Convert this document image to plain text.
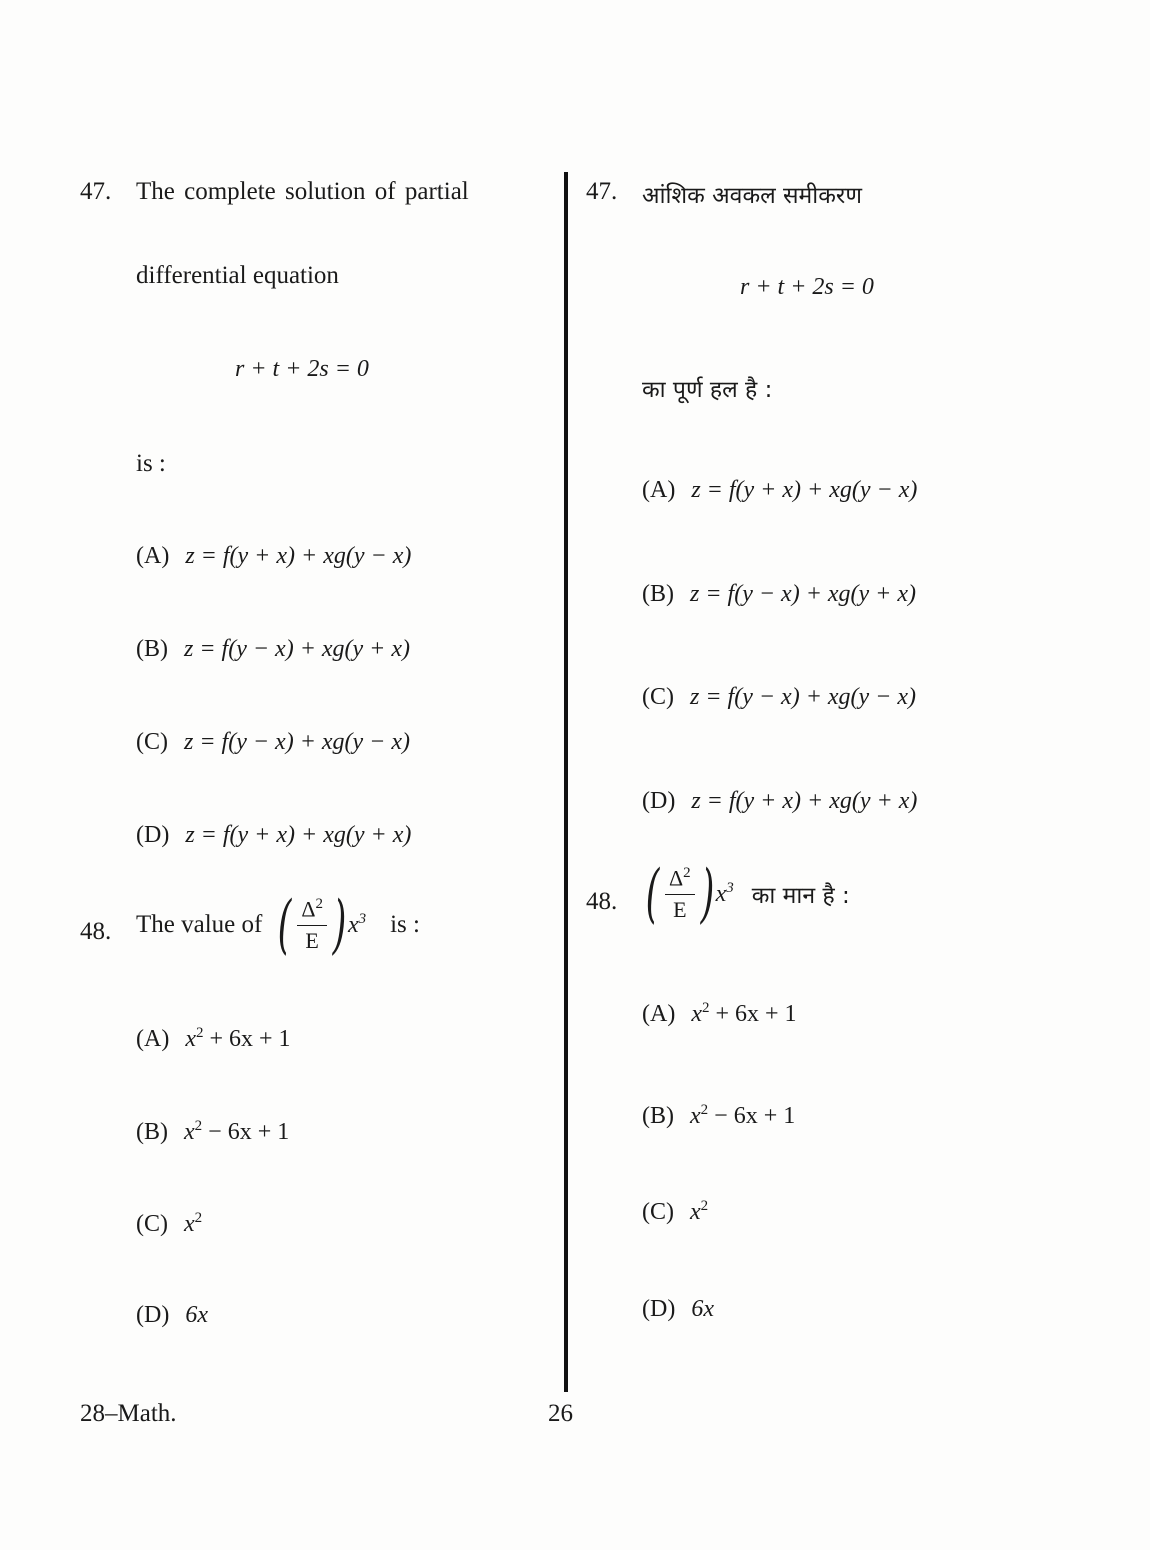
47. The complete solution of partial
differential equation
r + t + 2s = 0
is :
(A) z = f(y + x) + xg(y − x)
(B) z = f(y − x) + xg(y + x)
(C) z = f(y − x) + xg(y − x)
(D) z = f(y + x) + xg(y + x)
48. The value of ( $\frac{\Delta^2}{E}$ ) $x^3$ is :
(A) $x^2 + 6x + 1$
(B) $x^2 - 6x + 1$
(C) $x^2$
(D) 6x
47. आंशिक अवकल समीकरण
r + t + 2s = 0
का पूर्ण हल है :
(A) z = f(y + x) + xg(y − x)
(B) z = f(y − x) + xg(y + x)
(C) z = f(y − x) + xg(y − x)
(D) z = f(y + x) + xg(y + x)
48. ( $\frac{\Delta^2}{E}$ ) $x^3$ का मान है :
(A) $x^2 + 6x + 1$
(B) $x^2 - 6x + 1$
(C) $x^2$
(D) 6x
28–Math.	26
